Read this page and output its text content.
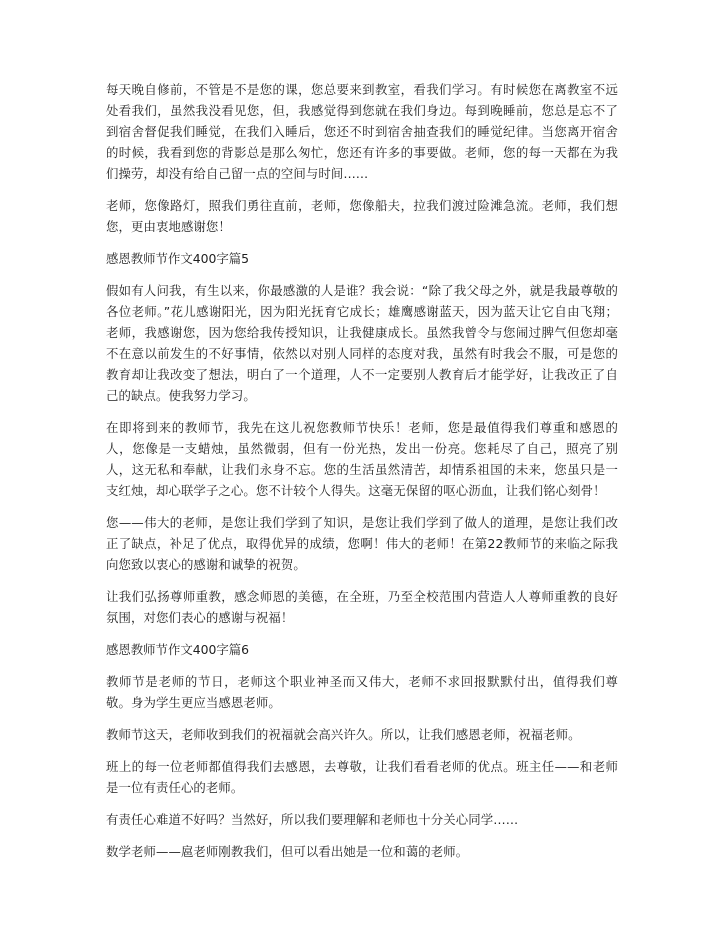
每天晚自修前，不管是不是您的课，您总要来到教室，看我们学习。有时候您在离教室不远处看我们，虽然我没看见您，但，我感觉得到您就在我们身边。每到晚睡前，您总是忘不了到宿舍督促我们睡觉，在我们入睡后，您还不时到宿舍抽查我们的睡觉纪律。当您离开宿舍的时候，我看到您的背影总是那么匆忙，您还有许多的事要做。老师，您的每一天都在为我们操劳，却没有给自己留一点的空间与时间……

老师，您像路灯，照我们勇往直前，老师，您像船夫，拉我们渡过险滩急流。老师，我们想您，更由衷地感谢您！

感恩教师节作文400字篇5

假如有人问我，有生以来，你最感激的人是谁？我会说：“除了我父母之外，就是我最尊敬的各位老师。”花儿感谢阳光，因为阳光抚育它成长；雄鹰感谢蓝天，因为蓝天让它自由飞翔；老师，我感谢您，因为您给我传授知识，让我健康成长。虽然我曾令与您闹过脾气但您却毫不在意以前发生的不好事情，依然以对别人同样的态度对我，虽然有时我会不服，可是您的教育却让我改变了想法，明白了一个道理，人不一定要别人教育后才能学好，让我改正了自己的缺点。使我努力学习。

在即将到来的教师节，我先在这儿祝您教师节快乐！老师，您是最值得我们尊重和感恩的人，您像是一支蜡烛，虽然微弱，但有一份光热，发出一份亮。您耗尽了自己，照亮了别人，这无私和奉献，让我们永身不忘。您的生活虽然清苦，却情系祖国的未来，您虽只是一支红烛，却心联学子之心。您不计较个人得失。这毫无保留的呕心沥血，让我们铭心刻骨！

您——伟大的老师，是您让我们学到了知识，是您让我们学到了做人的道理，是您让我们改正了缺点，补足了优点，取得优异的成绩，您啊！伟大的老师！在第22教师节的来临之际我向您致以衷心的感谢和诚挚的祝贺。

让我们弘扬尊师重教，感念师恩的美德，在全班，乃至全校范围内营造人人尊师重教的良好氛围，对您们表心的感谢与祝福！

感恩教师节作文400字篇6

教师节是老师的节日，老师这个职业神圣而又伟大，老师不求回报默默付出，值得我们尊敬。身为学生更应当感恩老师。

教师节这天，老师收到我们的祝福就会高兴许久。所以，让我们感恩老师，祝福老师。

班上的每一位老师都值得我们去感恩，去尊敬，让我们看看老师的优点。班主任——和老师是一位有责任心的老师。

有责任心难道不好吗？当然好，所以我们要理解和老师也十分关心同学……

数学老师——扈老师刚教我们，但可以看出她是一位和蔼的老师。
